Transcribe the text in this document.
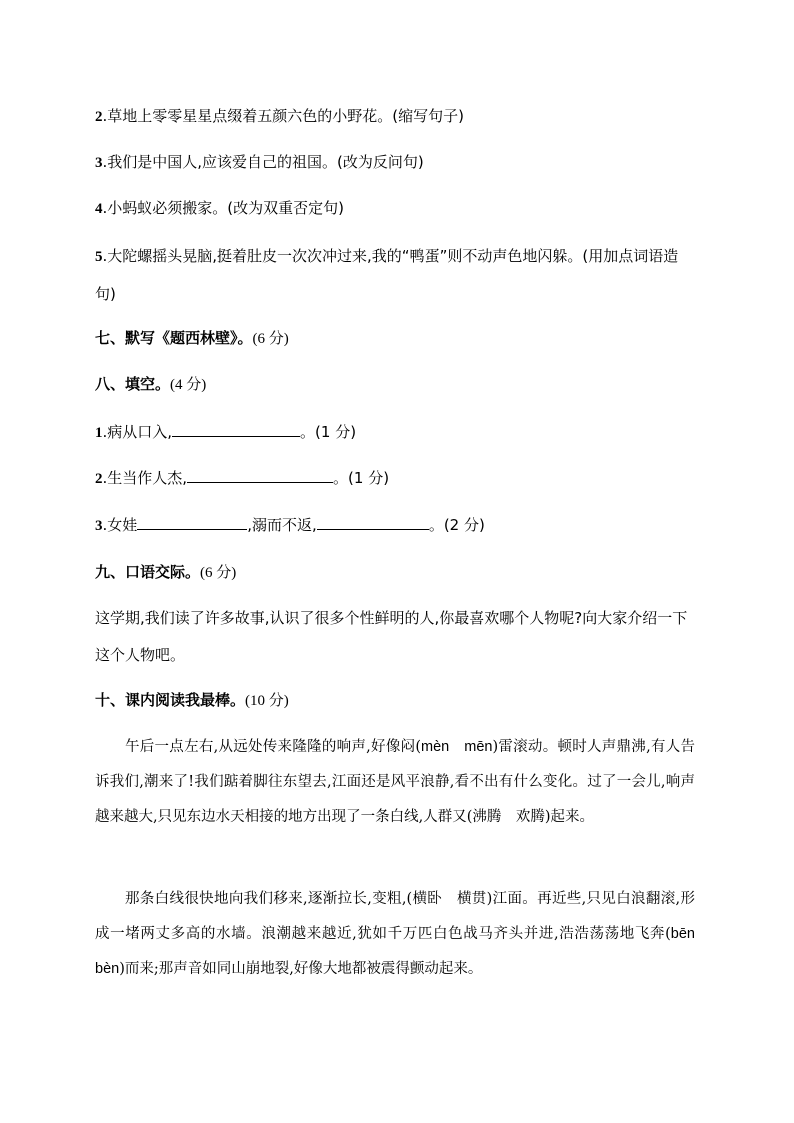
2.草地上零零星星点缀着五颜六色的小野花。(缩写句子)
3.我们是中国人,应该爱自己的祖国。(改为反问句)
4.小蚂蚁必须搬家。(改为双重否定句)
5.大陀螺摇头晃脑,挺着肚皮一次次冲过来,我的“鸭蛋”则不动声色地闪躲。(用加点词语造句)
七、默写《题西林壁》。(6 分)
八、填空。(4 分)
1.病从口入,	。(1 分)
2.生当作人杰,	。(1 分)
3.女娃	,溺而不返,	。(2 分)
九、口语交际。(6 分)
这学期,我们读了许多故事,认识了很多个性鲜明的人,你最喜欢哪个人物呢?向大家介绍一下这个人物吧。
十、课内阅读我最棒。(10 分)
午后一点左右,从远处传来隆隆的响声,好像闷(mèn　mēn)雷滚动。顿时人声鼎沸,有人告诉我们,潮来了!我们踮着脚往东望去,江面还是风平浪静,看不出有什么变化。过了一会儿,响声越来越大,只见东边水天相接的地方出现了一条白线,人群又(沸腾　欢腾)起来。
那条白线很快地向我们移来,逐渐拉长,变粗,(横卧　横贯)江面。再近些,只见白浪翻滚,形成一堵两丈多高的水墙。浪潮越来越近,犹如千万匹白色战马齐头并进,浩浩荡荡地飞奔(bēn　bèn)而来;那声音如同山崩地裂,好像大地都被震得颤动起来。
